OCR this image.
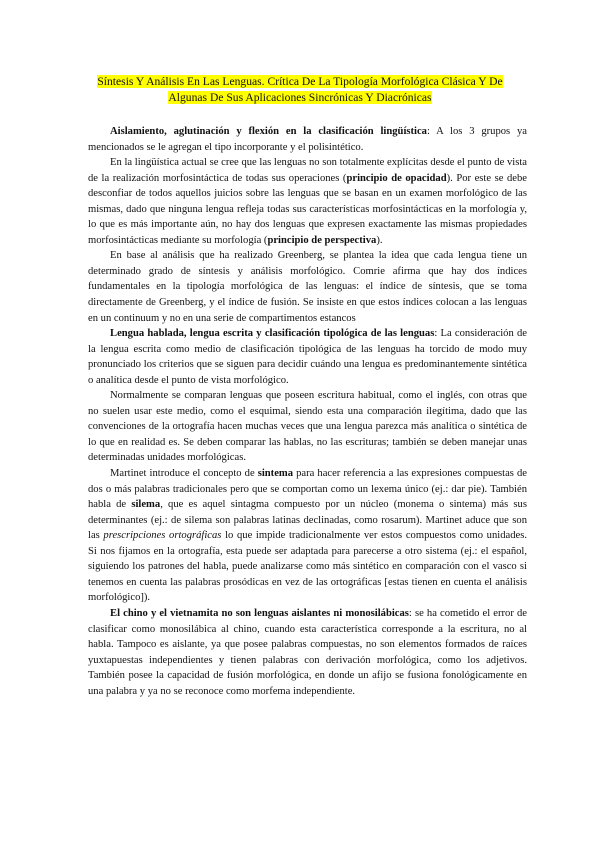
Síntesis Y Análisis En Las Lenguas. Crítica De La Tipología Morfológica Clásica Y De
Algunas De Sus Aplicaciones Sincrónicas Y Diacrónicas

Aislamiento, aglutinación y flexión en la clasificación lingüística: A los 3 grupos ya mencionados se le agregan el tipo incorporante y el polisintético.

En la lingüística actual se cree que las lenguas no son totalmente explícitas desde el punto de vista de la realización morfosintáctica de todas sus operaciones (principio de opacidad). Por este se debe desconfiar de todos aquellos juicios sobre las lenguas que se basan en un examen morfológico de las mismas, dado que ninguna lengua refleja todas sus características morfosintácticas en la morfología y, lo que es más importante aún, no hay dos lenguas que expresen exactamente las mismas propiedades morfosintácticas mediante su morfología (principio de perspectiva).

En base al análisis que ha realizado Greenberg, se plantea la idea que cada lengua tiene un determinado grado de síntesis y análisis morfológico. Comrie afirma que hay dos índices fundamentales en la tipología morfológica de las lenguas: el índice de síntesis, que se toma directamente de Greenberg, y el índice de fusión. Se insiste en que estos índices colocan a las lenguas en un continuum y no en una serie de compartimentos estancos

Lengua hablada, lengua escrita y clasificación tipológica de las lenguas: La consideración de la lengua escrita como medio de clasificación tipológica de las lenguas ha torcido de modo muy pronunciado los criterios que se siguen para decidir cuándo una lengua es predominantemente sintética o analítica desde el punto de vista morfológico.

Normalmente se comparan lenguas que poseen escritura habitual, como el inglés, con otras que no suelen usar este medio, como el esquimal, siendo esta una comparación ilegítima, dado que las convenciones de la ortografía hacen muchas veces que una lengua parezca más analítica o sintética de lo que en realidad es. Se deben comparar las hablas, no las escrituras; también se deben manejar unas determinadas unidades morfológicas.

Martinet introduce el concepto de sintema para hacer referencia a las expresiones compuestas de dos o más palabras tradicionales pero que se comportan como un lexema único (ej.: dar pie). También habla de silema, que es aquel sintagma compuesto por un núcleo (monema o sintema) más sus determinantes (ej.: de silema son palabras latinas declinadas, como rosarum). Martinet aduce que son las prescripciones ortográficas lo que impide tradicionalmente ver estos compuestos como unidades. Si nos fijamos en la ortografía, esta puede ser adaptada para parecerse a otro sistema (ej.: el español, siguiendo los patrones del habla, puede analizarse como más sintético en comparación con el vasco si tenemos en cuenta las palabras prosódicas en vez de las ortográficas [estas tienen en cuenta el análisis morfológico]).

El chino y el vietnamita no son lenguas aislantes ni monosilábicas: se ha cometido el error de clasificar como monosilábica al chino, cuando esta característica corresponde a la escritura, no al habla. Tampoco es aislante, ya que posee palabras compuestas, no son elementos formados de raíces yuxtapuestas independientes y tienen palabras con derivación morfológica, como los adjetivos. También posee la capacidad de fusión morfológica, en donde un afijo se fusiona fonológicamente en una palabra y ya no se reconoce como morfema independiente.
